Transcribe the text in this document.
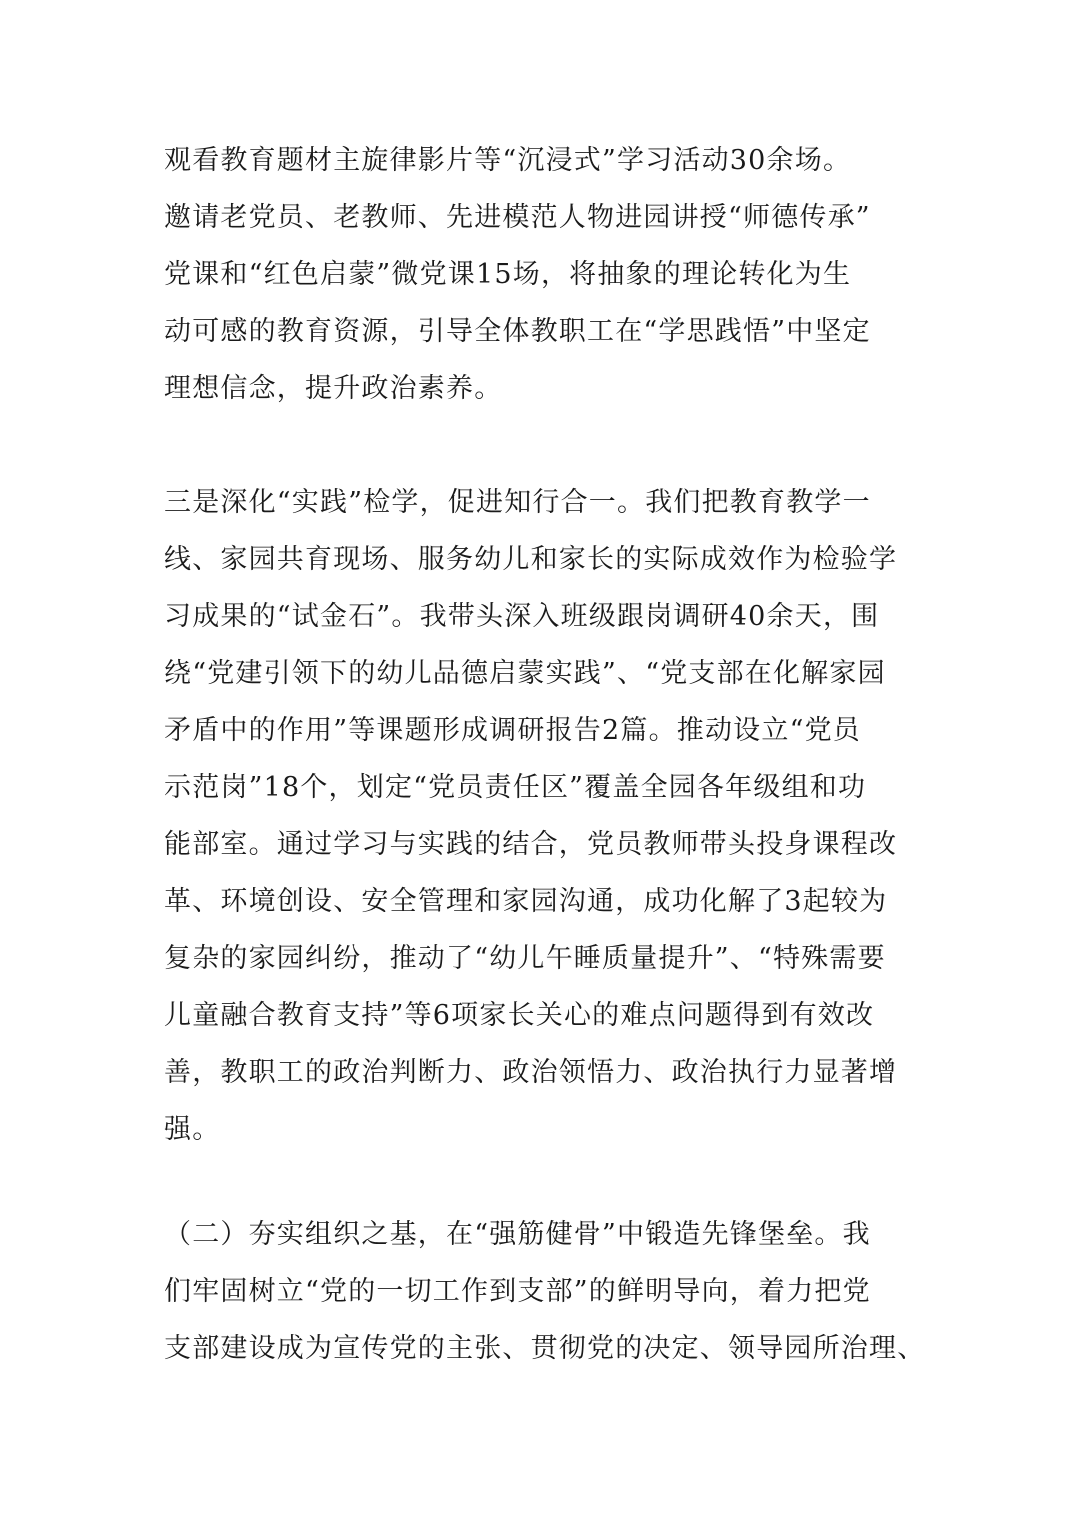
观看教育题材主旋律影片等“沉浸式”学习活动30余场。
邀请老党员、老教师、先进模范人物进园讲授“师德传承”
党课和“红色启蒙”微党课15场，将抽象的理论转化为生
动可感的教育资源，引导全体教职工在“学思践悟”中坚定
理想信念，提升政治素养。
三是深化“实践”检学，促进知行合一。我们把教育教学一
线、家园共育现场、服务幼儿和家长的实际成效作为检验学
习成果的“试金石”。我带头深入班级跟岗调研40余天，围
绕“党建引领下的幼儿品德启蒙实践”、“党支部在化解家园
矛盾中的作用”等课题形成调研报告2篇。推动设立“党员
示范岗”18个，划定“党员责任区”覆盖全园各年级组和功
能部室。通过学习与实践的结合，党员教师带头投身课程改
革、环境创设、安全管理和家园沟通，成功化解了3起较为
复杂的家园纠纷，推动了“幼儿午睡质量提升”、“特殊需要
儿童融合教育支持”等6项家长关心的难点问题得到有效改
善，教职工的政治判断力、政治领悟力、政治执行力显著增
强。
（二）夯实组织之基，在“强筋健骨”中锻造先锋堡垒。我
们牢固树立“党的一切工作到支部”的鲜明导向，着力把党
支部建设成为宣传党的主张、贯彻党的决定、领导园所治理、
